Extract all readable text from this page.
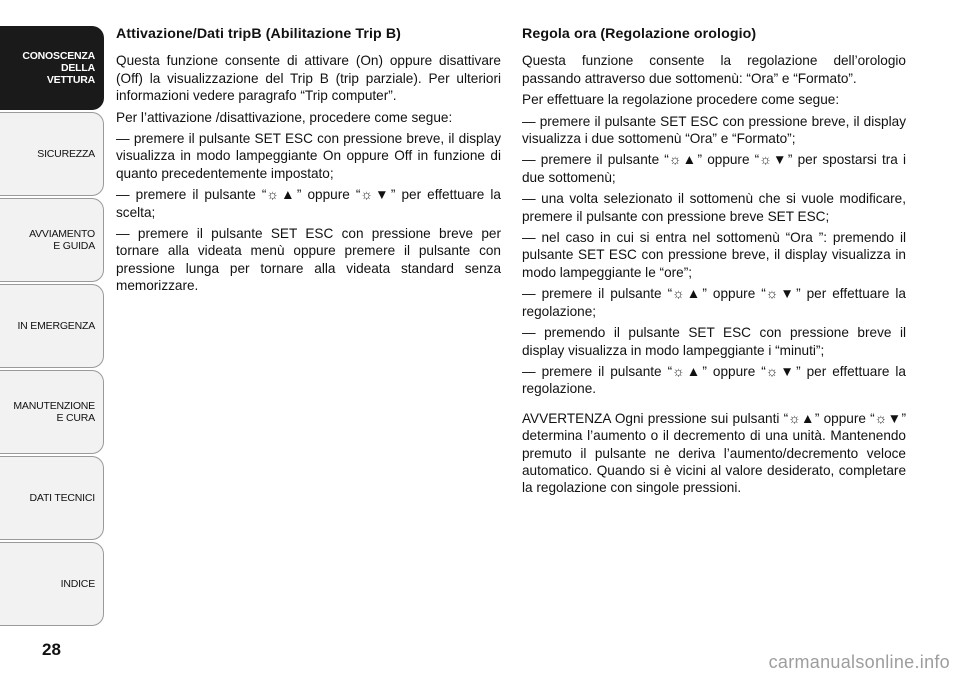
CONOSCENZA
DELLA
VETTURA
SICUREZZA
AVVIAMENTO
E GUIDA
IN EMERGENZA
MANUTENZIONE
E CURA
DATI TECNICI
INDICE
28
Attivazione/Dati tripB (Abilitazione Trip B)

Questa funzione consente di attivare (On) oppure disattivare (Off) la visualizzazione del Trip B (trip parziale). Per ulteriori informazioni vedere paragrafo “Trip computer”.

Per l’attivazione /disattivazione, procedere come segue:

— premere il pulsante SET ESC con pressione breve, il display visualizza in modo lampeggiante On oppure Off in funzione di quanto precedentemente impostato;

— premere il pulsante “☼▲” oppure “☼▼” per effettuare la scelta;

— premere il pulsante SET ESC con pressione breve per tornare alla videata menù oppure premere il pulsante con pressione lunga per tornare alla videata standard senza memorizzare.

Regola ora (Regolazione orologio)

Questa funzione consente la regolazione dell’orologio passando attraverso due sottomenù: “Ora” e “Formato”.

Per effettuare la regolazione procedere come segue:

— premere il pulsante SET ESC con pressione breve, il display visualizza i due sottomenù “Ora” e “Formato”;

— premere il pulsante “☼▲” oppure “☼▼” per spostarsi tra i due sottomenù;

— una volta selezionato il sottomenù che si vuole modificare, premere il pulsante con pressione breve SET ESC;

— nel caso in cui si entra nel sottomenù “Ora ”: premendo il pulsante SET ESC con pressione breve, il display visualizza in modo lampeggiante le “ore”;

— premere il pulsante “☼▲” oppure “☼▼” per effettuare la regolazione;

— premendo il pulsante SET ESC con pressione breve il display visualizza in modo lampeggiante i “minuti”;

— premere il pulsante “☼▲” oppure “☼▼” per effettuare la regolazione.

AVVERTENZA Ogni pressione sui pulsanti “☼▲” oppure “☼▼” determina l’aumento o il decremento di una unità. Mantenendo premuto il pulsante ne deriva l’aumento/decremento veloce automatico. Quando si è vicini al valore desiderato, completare la regolazione con singole pressioni.

carmanualsonline.info
